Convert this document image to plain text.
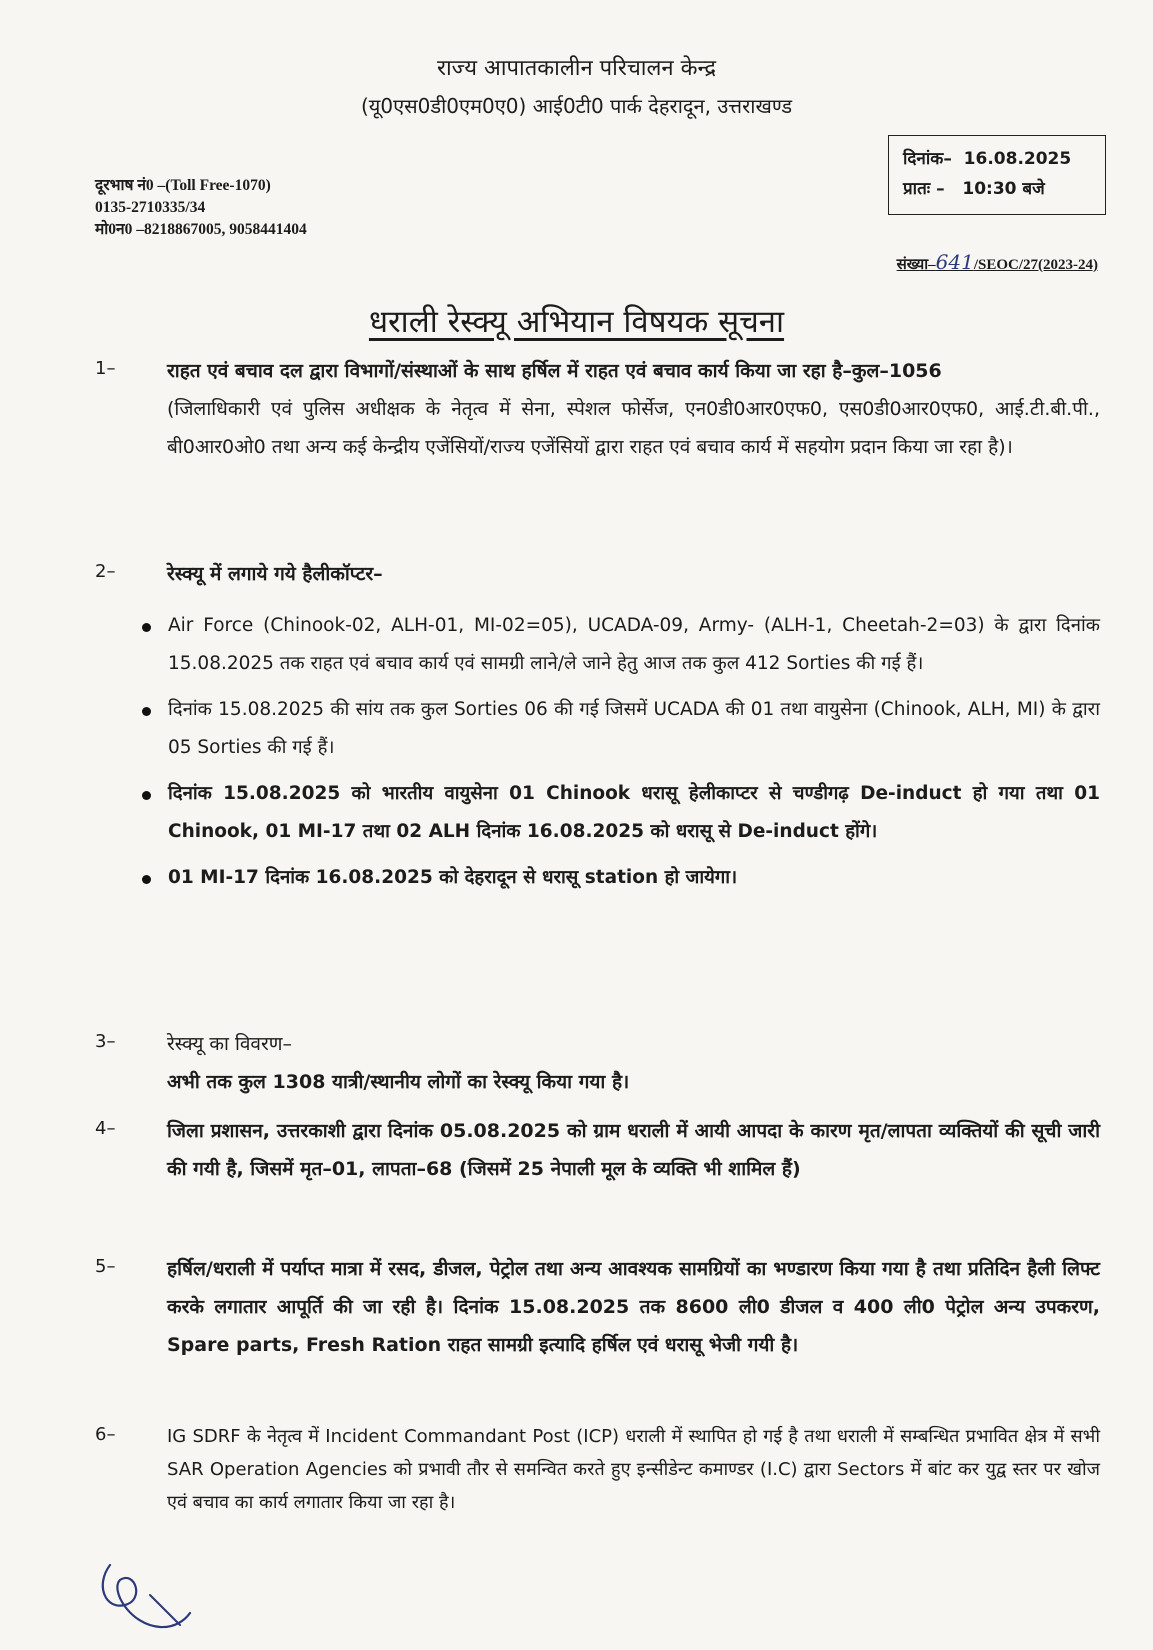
राज्य आपातकालीन परिचालन केन्द्र
(यू0एस0डी0एम0ए0) आई0टी0 पार्क देहरादून, उत्तराखण्ड
दूरभाष नं0 –(Toll Free-1070)
0135-2710335/34
मो0न0 –8218867005, 9058441404
दिनांक– 16.08.2025
प्रातः – 10:30 बजे
संख्या–641/SEOC/27(2023-24)
धराली रेस्क्यू अभियान विषयक सूचना
1–	राहत एवं बचाव दल द्वारा विभागों/संस्थाओं के साथ हर्षिल में राहत एवं बचाव कार्य किया जा रहा है–कुल–1056
(जिलाधिकारी एवं पुलिस अधीक्षक के नेतृत्व में सेना, स्पेशल फोर्सेज, एन0डी0आर0एफ0, एस0डी0आर0एफ0, आई.टी.बी.पी., बी0आर0ओ0 तथा अन्य कई केन्द्रीय एजेंसियों/राज्य एजेंसियों द्वारा राहत एवं बचाव कार्य में सहयोग प्रदान किया जा रहा है)।
2–	रेस्क्यू में लगाये गये हैलीकॉप्टर–
Air Force (Chinook-02, ALH-01, MI-02=05), UCADA-09, Army- (ALH-1, Cheetah-2=03) के द्वारा दिनांक 15.08.2025 तक राहत एवं बचाव कार्य एवं सामग्री लाने/ले जाने हेतु आज तक कुल 412 Sorties की गई हैं।
दिनांक 15.08.2025 की सांय तक कुल Sorties 06 की गई जिसमें UCADA की 01 तथा वायुसेना (Chinook, ALH, MI) के द्वारा 05 Sorties की गई हैं।
दिनांक 15.08.2025 को भारतीय वायुसेना 01 Chinook धरासू हेलीकाप्टर से चण्डीगढ़ De-induct हो गया तथा 01 Chinook, 01 MI-17 तथा 02 ALH दिनांक 16.08.2025 को धरासू से De-induct होंगे।
01 MI-17 दिनांक 16.08.2025 को देहरादून से धरासू station हो जायेगा।
3–	रेस्क्यू का विवरण–
अभी तक कुल 1308 यात्री/स्थानीय लोगों का रेस्क्यू किया गया है।
4–	जिला प्रशासन, उत्तरकाशी द्वारा दिनांक 05.08.2025 को ग्राम धराली में आयी आपदा के कारण मृत/लापता व्यक्तियों की सूची जारी की गयी है, जिसमें मृत–01, लापता–68 (जिसमें 25 नेपाली मूल के व्यक्ति भी शामिल हैं)
5–	हर्षिल/धराली में पर्याप्त मात्रा में रसद, डीजल, पेट्रोल तथा अन्य आवश्यक सामग्रियों का भण्डारण किया गया है तथा प्रतिदिन हैली लिफ्ट करके लगातार आपूर्ति की जा रही है। दिनांक 15.08.2025 तक 8600 ली0 डीजल व 400 ली0 पेट्रोल अन्य उपकरण, Spare parts, Fresh Ration राहत सामग्री इत्यादि हर्षिल एवं धरासू भेजी गयी है।
6–	IG SDRF के नेतृत्व में Incident Commandant Post (ICP) धराली में स्थापित हो गई है तथा धराली में सम्बन्धित प्रभावित क्षेत्र में सभी SAR Operation Agencies को प्रभावी तौर से समन्वित करते हुए इन्सीडेन्ट कमाण्डर (I.C) द्वारा Sectors में बांट कर युद्व स्तर पर खोज एवं बचाव का कार्य लगातार किया जा रहा है।
